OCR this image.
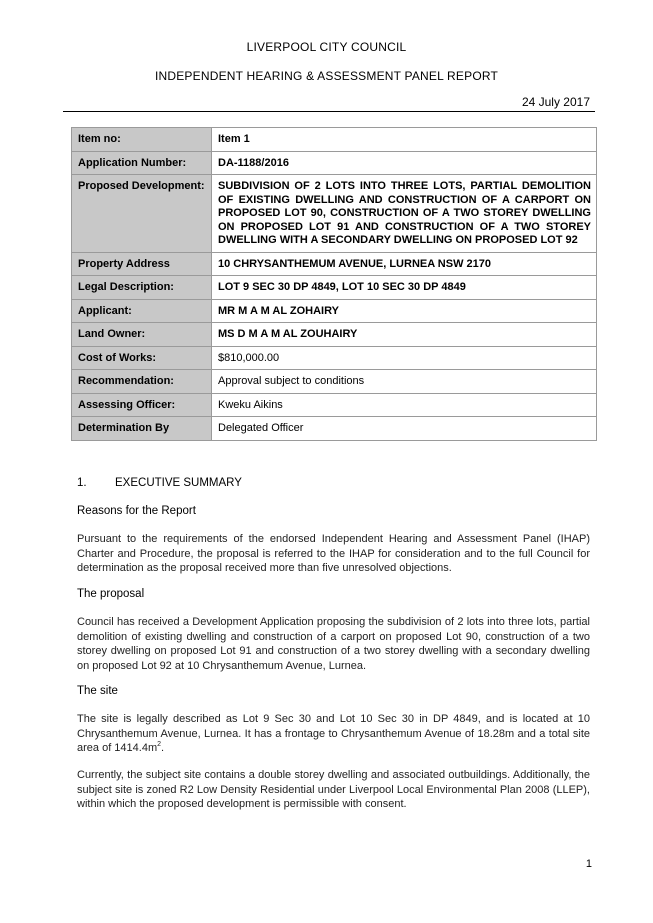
LIVERPOOL CITY COUNCIL
INDEPENDENT HEARING & ASSESSMENT PANEL REPORT
24 July 2017
Item no:	Item 1
Application Number:	DA-1188/2016
Proposed Development:	SUBDIVISION OF 2 LOTS INTO THREE LOTS, PARTIAL DEMOLITION OF EXISTING DWELLING AND CONSTRUCTION OF A CARPORT ON PROPOSED LOT 90, CONSTRUCTION OF A TWO STOREY DWELLING ON PROPOSED LOT 91 AND CONSTRUCTION OF A TWO STOREY DWELLING WITH A SECONDARY DWELLING ON PROPOSED LOT 92
Property Address	10 CHRYSANTHEMUM AVENUE, LURNEA NSW 2170
Legal Description:	LOT 9 SEC 30 DP 4849, LOT 10 SEC 30 DP 4849
Applicant:	MR M A M AL ZOHAIRY
Land Owner:	MS D M A M AL ZOUHAIRY
Cost of Works:	$810,000.00
Recommendation:	Approval subject to conditions
Assessing Officer:	Kweku Aikins
Determination By	Delegated Officer
1. EXECUTIVE SUMMARY
Reasons for the Report
Pursuant to the requirements of the endorsed Independent Hearing and Assessment Panel (IHAP) Charter and Procedure, the proposal is referred to the IHAP for consideration and to the full Council for determination as the proposal received more than five unresolved objections.
The proposal
Council has received a Development Application proposing the subdivision of 2 lots into three lots, partial demolition of existing dwelling and construction of a carport on proposed Lot 90, construction of a two storey dwelling on proposed Lot 91 and construction of a two storey dwelling with a secondary dwelling on proposed Lot 92 at 10 Chrysanthemum Avenue, Lurnea.
The site
The site is legally described as Lot 9 Sec 30 and Lot 10 Sec 30 in DP 4849, and is located at 10 Chrysanthemum Avenue, Lurnea. It has a frontage to Chrysanthemum Avenue of 18.28m and a total site area of $1414.4m^2$.
Currently, the subject site contains a double storey dwelling and associated outbuildings. Additionally, the subject site is zoned R2 Low Density Residential under Liverpool Local Environmental Plan 2008 (LLEP), within which the proposed development is permissible with consent.
1
